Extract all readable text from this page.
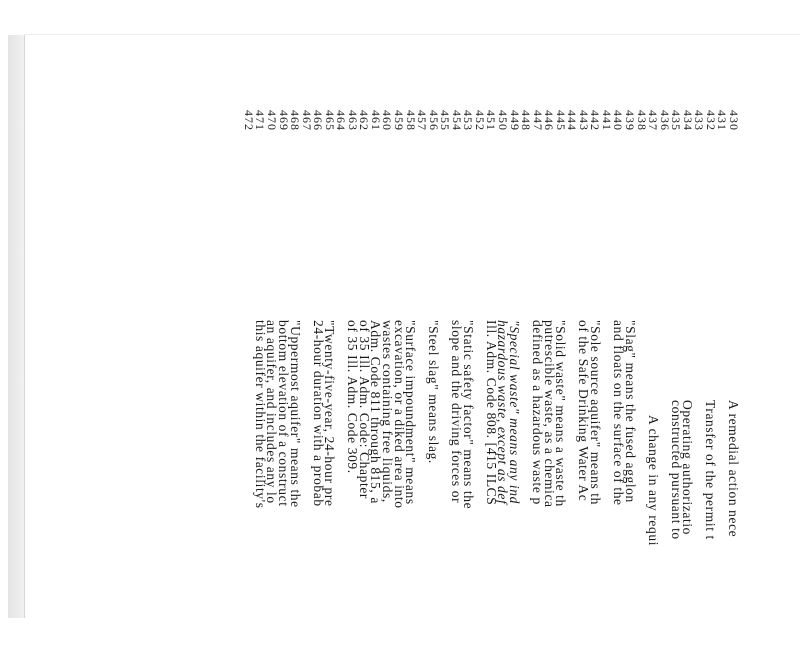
430
431
432
433
434
435
436
437
438
439
440
441
442
443
444
445
446
447
448
449
450
451
452
453
454
455
456
457
458
459
460
461
462
463
464
465
466
467
468
469
470
471
472
A remedial action nece
Transfer of the permit t
Operating authorizatio
constructed pursuant to
A change in any requi
"Slag" means the fused agglon
and floats on the surface of the
"Sole source aquifer" means th
of the Safe Drinking Water Ac
"Solid waste" means a waste th
putrescible waste, as a chemica
defined as a hazardous waste p
"Special waste" means any ind
hazardous waste, except as def
Ill. Adm. Code 808. [415 ILCS
"Static safety factor" means the
slope and the driving forces or
"Steel slag" means slag.
"Surface impoundment" means
excavation, or a diked area into
wastes containing free liquids,
Adm. Code 811 through 815, a
of 35 Ill. Adm. Code: Chapter
of 35 Ill. Adm. Code 309.
"Twenty-five-year, 24-hour pre
24-hour duration with a probab
"Uppermost aquifer" means the
bottom elevation of a construct
an aquifer, and includes any lo
this aquifer within the facility's
